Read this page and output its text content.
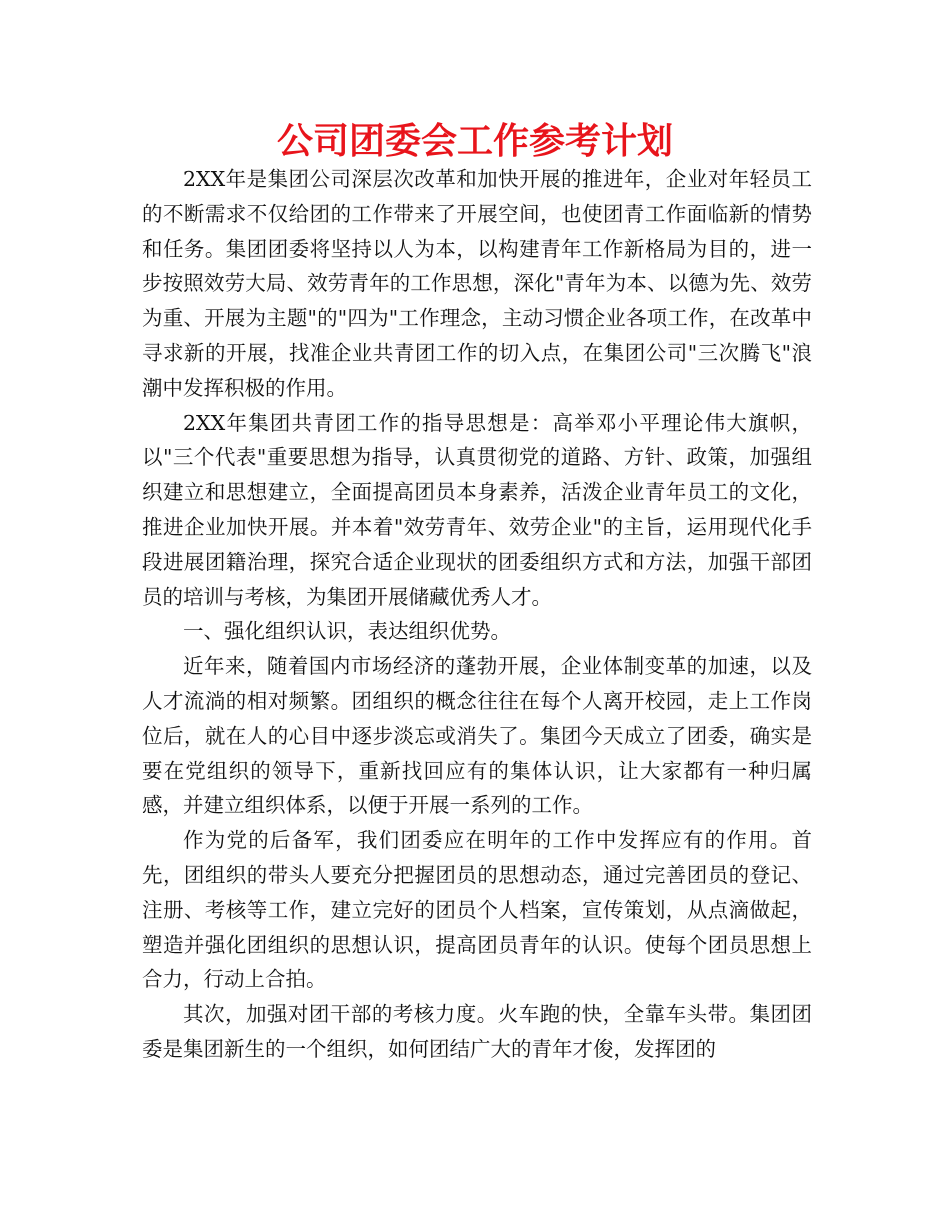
公司团委会工作参考计划

2XX年是集团公司深层次改革和加快开展的推进年，企业对年轻员工的不断需求不仅给团的工作带来了开展空间，也使团青工作面临新的情势和任务。集团团委将坚持以人为本，以构建青年工作新格局为目的，进一步按照效劳大局、效劳青年的工作思想，深化"青年为本、以德为先、效劳为重、开展为主题"的"四为"工作理念，主动习惯企业各项工作，在改革中寻求新的开展，找准企业共青团工作的切入点，在集团公司"三次腾飞"浪潮中发挥积极的作用。

2XX年集团共青团工作的指导思想是：高举邓小平理论伟大旗帜，以"三个代表"重要思想为指导，认真贯彻党的道路、方针、政策，加强组织建立和思想建立，全面提高团员本身素养，活泼企业青年员工的文化，推进企业加快开展。并本着"效劳青年、效劳企业"的主旨，运用现代化手段进展团籍治理，探究合适企业现状的团委组织方式和方法，加强干部团员的培训与考核，为集团开展储藏优秀人才。

一、强化组织认识，表达组织优势。

近年来，随着国内市场经济的蓬勃开展，企业体制变革的加速，以及人才流淌的相对频繁。团组织的概念往往在每个人离开校园，走上工作岗位后，就在人的心目中逐步淡忘或消失了。集团今天成立了团委，确实是要在党组织的领导下，重新找回应有的集体认识，让大家都有一种归属感，并建立组织体系，以便于开展一系列的工作。

作为党的后备军，我们团委应在明年的工作中发挥应有的作用。首先，团组织的带头人要充分把握团员的思想动态，通过完善团员的登记、注册、考核等工作，建立完好的团员个人档案，宣传策划，从点滴做起，塑造并强化团组织的思想认识，提高团员青年的认识。使每个团员思想上合力，行动上合拍。

其次，加强对团干部的考核力度。火车跑的快，全靠车头带。集团团委是集团新生的一个组织，如何团结广大的青年才俊，发挥团的
